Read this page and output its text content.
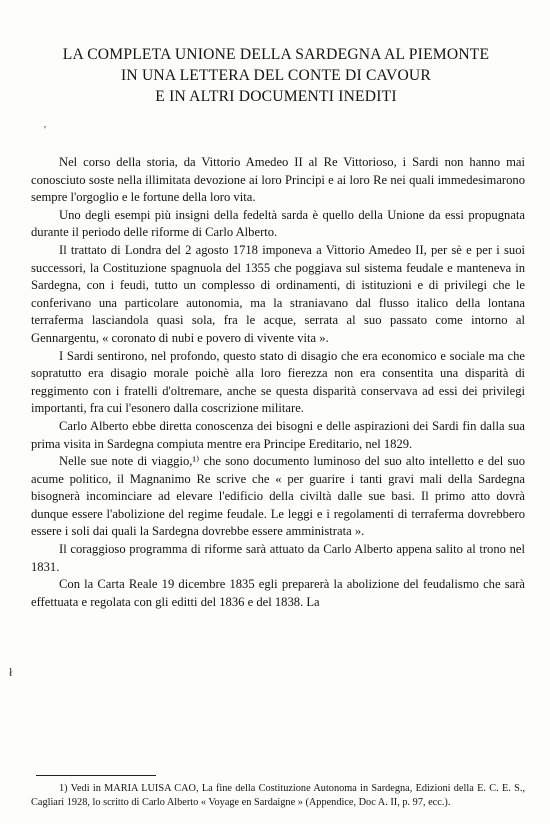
LA COMPLETA UNIONE DELLA SARDEGNA AL PIEMONTE
IN UNA LETTERA DEL CONTE DI CAVOUR
E IN ALTRI DOCUMENTI INEDITI
'
ł

Nel corso della storia, da Vittorio Amedeo II al Re Vittorioso, i Sardi non hanno mai conosciuto soste nella illimitata devozione ai loro Principi e ai loro Re nei quali immedesimarono sempre l'orgoglio e le fortune della loro vita.

Uno degli esempi più insigni della fedeltà sarda è quello della Unione da essi propugnata durante il periodo delle riforme di Carlo Alberto.

Il trattato di Londra del 2 agosto 1718 imponeva a Vittorio Amedeo II, per sè e per i suoi successori, la Costituzione spagnuola del 1355 che poggiava sul sistema feudale e manteneva in Sardegna, con i feudi, tutto un complesso di ordinamenti, di istituzioni e di privilegi che le conferivano una particolare autonomia, ma la straniavano dal flusso italico della lontana terraferma lasciandola quasi sola, fra le acque, serrata al suo passato come intorno al Gennargentu, « coronato di nubi e povero di vivente vita ».

I Sardi sentirono, nel profondo, questo stato di disagio che era economico e sociale ma che sopratutto era disagio morale poichè alla loro fierezza non era consentita una disparità di reggimento con i fratelli d'oltremare, anche se questa disparità conservava ad essi dei privilegi importanti, fra cui l'esonero dalla coscrizione militare.

Carlo Alberto ebbe diretta conoscenza dei bisogni e delle aspirazioni dei Sardi fin dalla sua prima visita in Sardegna compiuta mentre era Principe Ereditario, nel 1829.

Nelle sue note di viaggio,¹⁾ che sono documento luminoso del suo alto intelletto e del suo acume politico, il Magnanimo Re scrive che « per guarire i tanti gravi mali della Sardegna bisognerà incominciare ad elevare l'edificio della civiltà dalle sue basi. Il primo atto dovrà dunque essere l'abolizione del regime feudale. Le leggi e i regolamenti di terraferma dovrebbero essere i soli dai quali la Sardegna dovrebbe essere amministrata ».

Il coraggioso programma di riforme sarà attuato da Carlo Alberto appena salito al trono nel 1831.

Con la Carta Reale 19 dicembre 1835 egli preparerà la abolizione del feudalismo che sarà effettuata e regolata con gli editti del 1836 e del 1838. La

1) Vedi in MARIA LUISA CAO, La fine della Costituzione Autonoma in Sardegna, Edizioni della E. C. E. S., Cagliari 1928, lo scritto di Carlo Alberto « Voyage en Sardaigne » (Appendice, Doc A. II, p. 97, ecc.).
